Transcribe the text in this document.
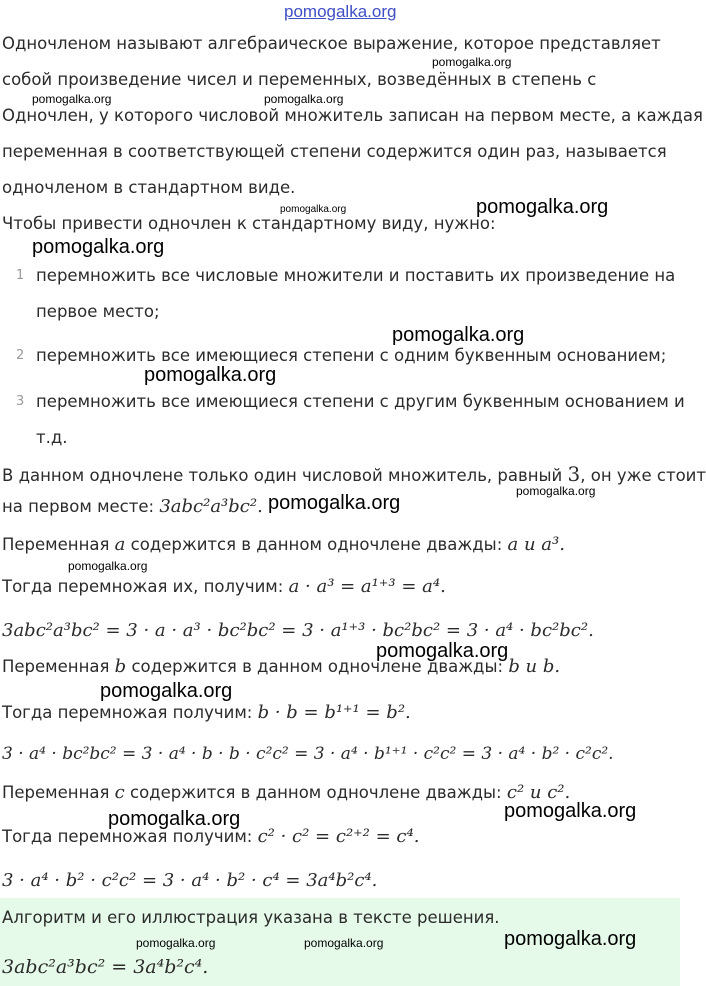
pomogalka.org
Одночленом называют алгебраическое выражение, которое представляет
собой произведение чисел и переменных, возведённых в степень с
Одночлен, у которого числовой множитель записан на первом месте, а каждая
переменная в соответствующей степени содержится один раз, называется
одночленом в стандартном виде.
Чтобы привести одночлен к стандартному виду, нужно:
1 перемножить все числовые множители и поставить их произведение на
первое место;
2 перемножить все имеющиеся степени с одним буквенным основанием;
3 перемножить все имеющиеся степени с другим буквенным основанием и
т.д.
В данном одночлене только один числовой множитель, равный 3, он уже стоит
на первом месте: 3abc²a³bc².
Переменная a содержится в данном одночлене дважды: a и a³.
Тогда перемножая их, получим: a · a³ = a¹⁺³ = a⁴.
3abc²a³bc² = 3 · a · a³ · bc²bc² = 3 · a¹⁺³ · bc²bc² = 3 · a⁴ · bc²bc².
Переменная b содержится в данном одночлене дважды: b и b.
Тогда перемножая получим: b · b = b¹⁺¹ = b².
3 · a⁴ · bc²bc² = 3 · a⁴ · b · b · c²c² = 3 · a⁴ · b¹⁺¹ · c²c² = 3 · a⁴ · b² · c²c².
Переменная c содержится в данном одночлене дважды: c² и c².
Тогда перемножая получим: c² · c² = c²⁺² = c⁴.
3 · a⁴ · b² · c²c² = 3 · a⁴ · b² · c⁴ = 3a⁴b²c⁴.
Алгоритм и его иллюстрация указана в тексте решения.
3abc²a³bc² = 3a⁴b²c⁴.
pomogalka.org
pomogalka.org	pomogalka.org
pomogalka.org	pomogalka.org
pomogalka.org
pomogalka.org
pomogalka.org
pomogalka.org
pomogalka.org
pomogalka.org
pomogalka.org
pomogalka.org
pomogalka.org
pomogalka.org
pomogalka.org	pomogalka.org	pomogalka.org
